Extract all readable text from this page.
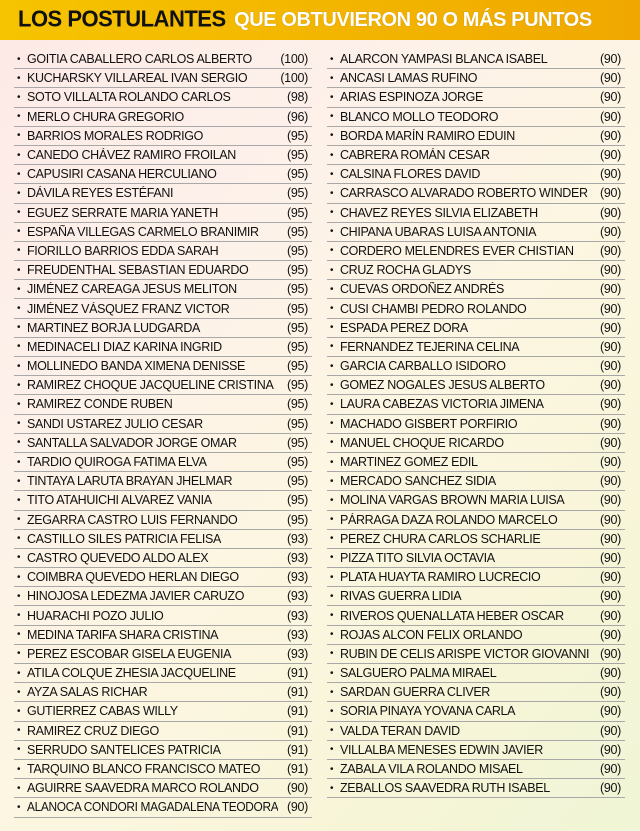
LOS POSTULANTES QUE OBTUVIERON 90 O MÁS PUNTOS
• GOITIA CABALLERO CARLOS ALBERTO	(100)
• KUCHARSKY VILLAREAL IVAN SERGIO	(100)
• SOTO VILLALTA ROLANDO CARLOS	(98)
• MERLO CHURA GREGORIO	(96)
• BARRIOS MORALES RODRIGO	(95)
• CANEDO CHÁVEZ RAMIRO FROILAN	(95)
• CAPUSIRI CASANA HERCULIANO	(95)
• DÁVILA REYES ESTÉFANI	(95)
• EGUEZ SERRATE MARIA YANETH	(95)
• ESPAÑA VILLEGAS CARMELO BRANIMIR	(95)
• FIORILLO BARRIOS EDDA SARAH	(95)
• FREUDENTHAL SEBASTIAN EDUARDO	(95)
• JIMÉNEZ CAREAGA JESUS MELITON	(95)
• JIMÉNEZ VÁSQUEZ FRANZ VICTOR	(95)
• MARTINEZ BORJA LUDGARDA	(95)
• MEDINACELI DIAZ KARINA INGRID	(95)
• MOLLINEDO BANDA XIMENA DENISSE	(95)
• RAMIREZ CHOQUE JACQUELINE CRISTINA	(95)
• RAMIREZ CONDE RUBEN	(95)
• SANDI USTAREZ JULIO CESAR	(95)
• SANTALLA SALVADOR JORGE OMAR	(95)
• TARDIO QUIROGA FATIMA ELVA	(95)
• TINTAYA LARUTA BRAYAN JHELMAR	(95)
• TITO ATAHUICHI ALVAREZ VANIA	(95)
• ZEGARRA CASTRO LUIS FERNANDO	(95)
• CASTILLO SILES PATRICIA FELISA	(93)
• CASTRO QUEVEDO ALDO ALEX	(93)
• COIMBRA QUEVEDO HERLAN DIEGO	(93)
• HINOJOSA LEDEZMA JAVIER CARUZO	(93)
• HUARACHI POZO JULIO	(93)
• MEDINA TARIFA SHARA CRISTINA	(93)
• PEREZ ESCOBAR GISELA EUGENIA	(93)
• ATILA COLQUE ZHESIA JACQUELINE	(91)
• AYZA SALAS RICHAR	(91)
• GUTIERREZ CABAS WILLY	(91)
• RAMIREZ CRUZ DIEGO	(91)
• SERRUDO SANTELICES PATRICIA	(91)
• TARQUINO BLANCO FRANCISCO MATEO	(91)
• AGUIRRE SAAVEDRA MARCO ROLANDO	(90)
• ALANOCA CONDORI MAGADALENA TEODORA (90)
• ALARCON YAMPASI BLANCA ISABEL	(90)
• ANCASI LAMAS RUFINO	(90)
• ARIAS ESPINOZA JORGE	(90)
• BLANCO MOLLO TEODORO	(90)
• BORDA MARÍN RAMIRO EDUIN	(90)
• CABRERA ROMÁN CESAR	(90)
• CALSINA FLORES DAVID	(90)
• CARRASCO ALVARADO ROBERTO WINDER (90)
• CHAVEZ REYES SILVIA ELIZABETH	(90)
• CHIPANA UBARAS LUISA ANTONIA	(90)
• CORDERO MELENDRES EVER CHISTIAN	(90)
• CRUZ ROCHA GLADYS	(90)
• CUEVAS ORDOÑEZ ANDRÉS	(90)
• CUSI CHAMBI PEDRO ROLANDO	(90)
• ESPADA PEREZ DORA	(90)
• FERNANDEZ TEJERINA CELINA	(90)
• GARCIA CARBALLO ISIDORO	(90)
• GOMEZ NOGALES JESUS ALBERTO	(90)
• LAURA CABEZAS VICTORIA JIMENA	(90)
• MACHADO GISBERT PORFIRIO	(90)
• MANUEL CHOQUE RICARDO	(90)
• MARTINEZ GOMEZ EDIL	(90)
• MERCADO SANCHEZ SIDIA	(90)
• MOLINA VARGAS BROWN MARIA LUISA	(90)
• PÁRRAGA DAZA ROLANDO MARCELO	(90)
• PEREZ CHURA CARLOS SCHARLIE	(90)
• PIZZA TITO SILVIA OCTAVIA	(90)
• PLATA HUAYTA RAMIRO LUCRECIO	(90)
• RIVAS GUERRA LIDIA	(90)
• RIVEROS QUENALLATA HEBER OSCAR	(90)
• ROJAS ALCON FELIX ORLANDO	(90)
• RUBIN DE CELIS ARISPE VICTOR GIOVANNI (90)
• SALGUERO PALMA MIRAEL	(90)
• SARDAN GUERRA CLIVER	(90)
• SORIA PINAYA YOVANA CARLA	(90)
• VALDA TERAN DAVID	(90)
• VILLALBA MENESES EDWIN JAVIER	(90)
• ZABALA VILA ROLANDO MISAEL	(90)
• ZEBALLOS SAAVEDRA RUTH ISABEL	(90)
